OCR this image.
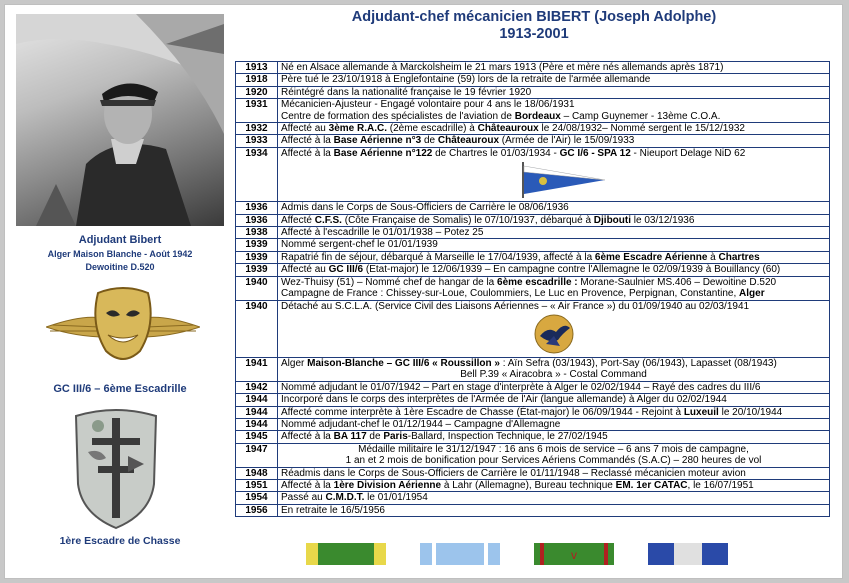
Adjudant-chef mécanicien BIBERT (Joseph Adolphe)
1913-2001
Adjudant Bibert
Alger Maison Blanche - Août 1942
Dewoitine D.520
GC III/6 – 6ème Escadrille
1ère Escadre de Chasse
1913	Né en Alsace allemande à Marckolsheim le 21 mars 1913 (Père et mère nés allemands après 1871)
1918	Père tué le 23/10/1918 à Englefontaine (59) lors de la retraite de l'armée allemande
1920	Réintégré dans la nationalité française le 19 février 1920
1931	Mécanicien-Ajusteur - Engagé volontaire pour 4 ans le 18/06/1931
Centre de formation des spécialistes de l'aviation de Bordeaux – Camp Guynemer - 13ème C.O.A.

1932	Affecté au 3ème R.A.C. (2ème escadrille) à Châteauroux le 24/08/1932– Nommé sergent le 15/12/1932
1933	Affecté à la Base Aérienne n°3 de Châteauroux (Armée de l'Air) le 15/09/1933
1934	Affecté à la Base Aérienne n°122 de Chartres le 01/03/1934 - GC I/6 - SPA 12 - Nieuport Delage NiD 62

1936	Admis dans le Corps de Sous-Officiers de Carrière le 08/06/1936
1936	Affecté C.F.S. (Côte Française de Somalis) le 07/10/1937, débarqué à Djibouti le 03/12/1936
1938	Affecté à l'escadrille le 01/01/1938 – Potez 25
1939	Nommé sergent-chef le 01/01/1939
1939	Rapatrié fin de séjour, débarqué à Marseille le 17/04/1939, affecté à la 6ème Escadre Aérienne à Chartres
1939	Affecté au GC III/6 (Etat-major) le 12/06/1939 – En campagne contre l'Allemagne le 02/09/1939 à Bouillancy (60)
1940	Wez-Thuisy (51) – Nommé chef de hangar de la 6ème escadrille : Morane-Saulnier MS.406 – Dewoitine D.520
Campagne de France : Chissey-sur-Loue, Coulommiers, Le Luc en Provence, Perpignan, Constantine, Alger

1940	Détaché au S.C.L.A. (Service Civil des Liaisons Aériennes – « Air France ») du 01/09/1940 au 02/03/1941

1941	Alger Maison-Blanche – GC III/6 « Roussillon » : Aïn Sefra (03/1943), Port-Say (06/1943), Lapasset (08/1943)
Bell P.39 « Airacobra » - Costal Command

1942	Nommé adjudant le 01/07/1942 – Part en stage d'interprète à Alger le 02/02/1944 – Rayé des cadres du III/6
1944	Incorporé dans le corps des interprètes de l'Armée de l'Air (langue allemande) à Alger du 02/02/1944
1944	Affecté comme interprète à 1ère Escadre de Chasse (État-major) le 06/09/1944 - Rejoint à Luxeuil le 20/10/1944
1944	Nommé adjudant-chef le 01/12/1944 – Campagne d'Allemagne
1945	Affecté à la BA 117 de Paris-Ballard, Inspection Technique, le 27/02/1945
1947	Médaille militaire le 31/12/1947 : 16 ans 6 mois de service – 6 ans 7 mois de campagne,
1 an et 2 mois de bonification pour Services Aériens Commandés (S.A.C) – 280 heures de vol

1948	Réadmis dans le Corps de Sous-Officiers de Carrière le 01/11/1948 – Reclassé mécanicien moteur avion
1951	Affecté à la 1ère Division Aérienne à Lahr (Allemagne), Bureau technique EM. 1er CATAC, le 16/07/1951
1954	Passé au C.M.D.T. le 01/01/1954
1956	En retraite le 16/5/1956
v
